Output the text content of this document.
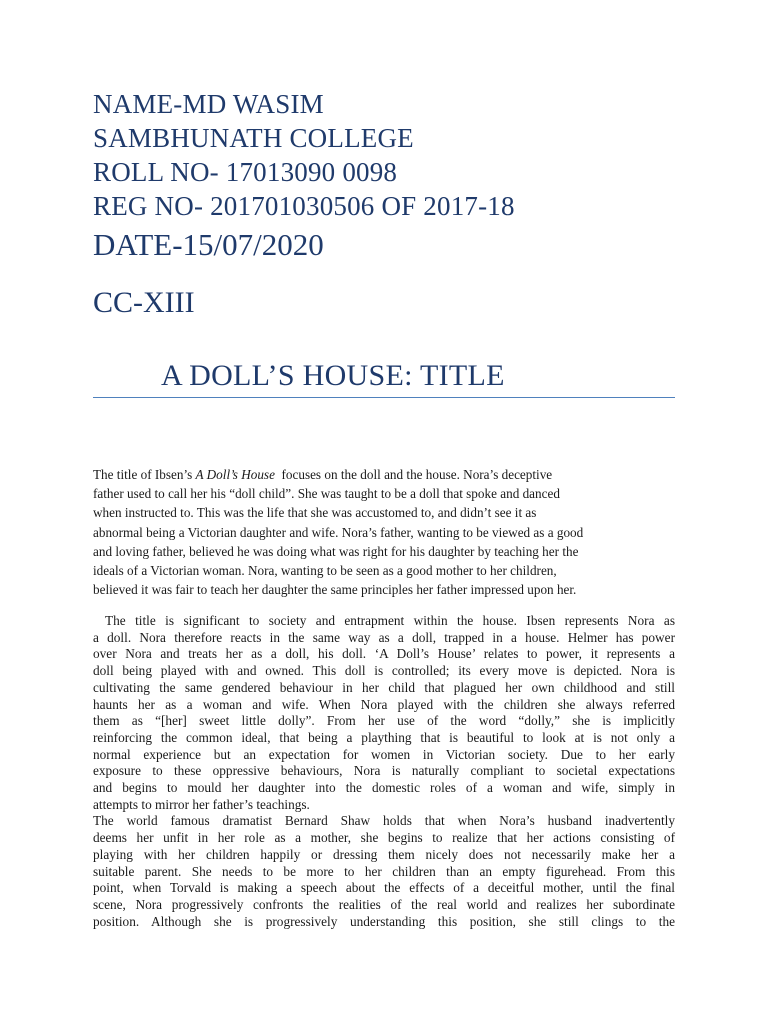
NAME-MD WASIM
SAMBHUNATH COLLEGE
ROLL NO- 17013090 0098
REG NO- 201701030506 OF 2017-18
DATE-15/07/2020
CC-XIII
A DOLL’S HOUSE: TITLE

The title of Ibsen’s A Doll’s House  focuses on the doll and the house. Nora’s deceptive

father used to call her his “doll child”. She was taught to be a doll that spoke and danced

when instructed to. This was the life that she was accustomed to, and didn’t see it as

abnormal being a Victorian daughter and wife. Nora’s father, wanting to be viewed as a good

and loving father, believed he was doing what was right for his daughter by teaching her the

ideals of a Victorian woman. Nora, wanting to be seen as a good mother to her children,

believed it was fair to teach her daughter the same principles her father impressed upon her.

The title is significant to society and entrapment within the house. Ibsen represents Nora as

a doll. Nora therefore reacts in the same way as a doll, trapped in a house. Helmer has power

over Nora and treats her as a doll, his doll. ‘A Doll’s House’ relates to power, it represents a

doll being played with and owned. This doll is controlled; its every move is depicted. Nora is

cultivating the same gendered behaviour in her child that plagued her own childhood and still

haunts her as a woman and wife. When Nora played with the children she always referred

them as “[her] sweet little dolly”. From her use of the word “dolly,” she is implicitly

reinforcing the common ideal, that being a plaything that is beautiful to look at is not only a

normal experience but an expectation for women in Victorian society. Due to her early

exposure to these oppressive behaviours, Nora is naturally compliant to societal expectations

and begins to mould her daughter into the domestic roles of a woman and wife, simply in

attempts to mirror her father’s teachings.

The world famous dramatist Bernard Shaw holds that when Nora’s husband inadvertently

deems her unfit in her role as a mother, she begins to realize that her actions consisting of

playing with her children happily or dressing them nicely does not necessarily make her a

suitable parent. She needs to be more to her children than an empty figurehead. From this

point, when Torvald is making a speech about the effects of a deceitful mother, until the final

scene, Nora progressively confronts the realities of the real world and realizes her subordinate

position. Although she is progressively understanding this position, she still clings to the
